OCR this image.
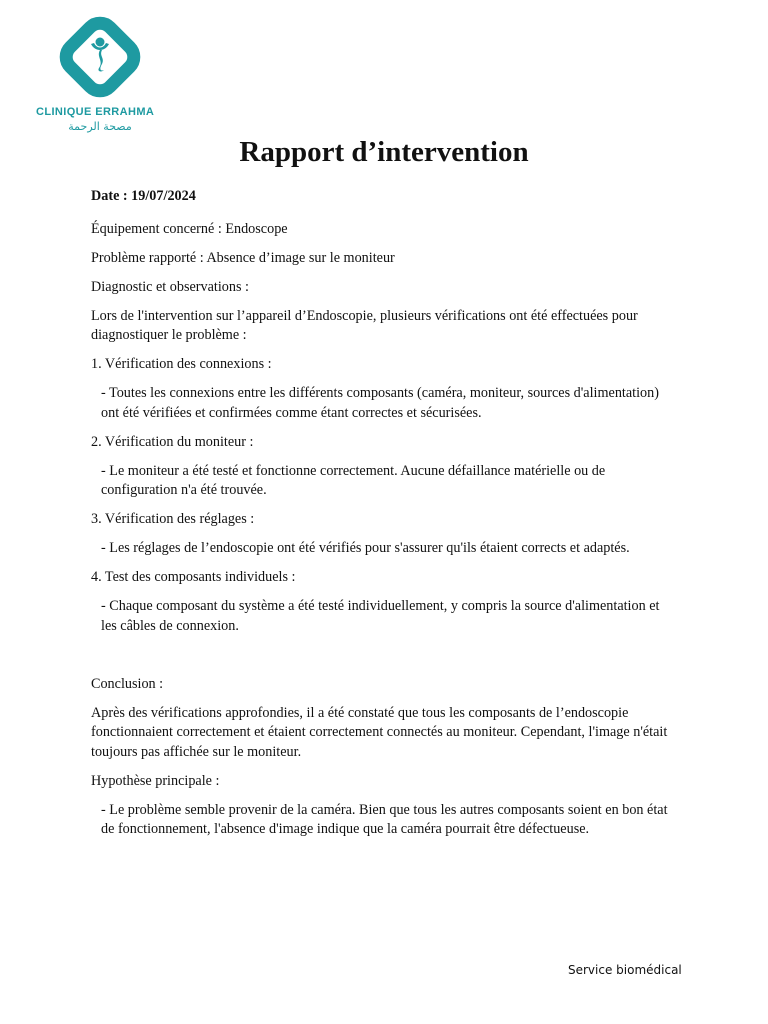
CLINIQUE ERRAHMA
مصحة الرحمة
Rapport d’intervention

Date : 19/07/2024

Équipement concerné : Endoscope

Problème rapporté : Absence d’image sur le moniteur

Diagnostic et observations :

Lors de l'intervention sur l’appareil d’Endoscopie, plusieurs vérifications ont été effectuées pour diagnostiquer le problème :

1. Vérification des connexions :

- Toutes les connexions entre les différents composants (caméra, moniteur, sources d'alimentation) ont été vérifiées et confirmées comme étant correctes et sécurisées.

2. Vérification du moniteur :

- Le moniteur a été testé et fonctionne correctement. Aucune défaillance matérielle ou de configuration n'a été trouvée.

3. Vérification des réglages :

- Les réglages de l’endoscopie ont été vérifiés pour s'assurer qu'ils étaient corrects et adaptés.

4. Test des composants individuels :

- Chaque composant du système a été testé individuellement, y compris la source d'alimentation et les câbles de connexion.

Conclusion :

Après des vérifications approfondies, il a été constaté que tous les composants de l’endoscopie fonctionnaient correctement et étaient correctement connectés au moniteur. Cependant, l'image n'était toujours pas affichée sur le moniteur.

Hypothèse principale :

- Le problème semble provenir de la caméra. Bien que tous les autres composants soient en bon état de fonctionnement, l'absence d'image indique que la caméra pourrait être défectueuse.

Service biomédical
